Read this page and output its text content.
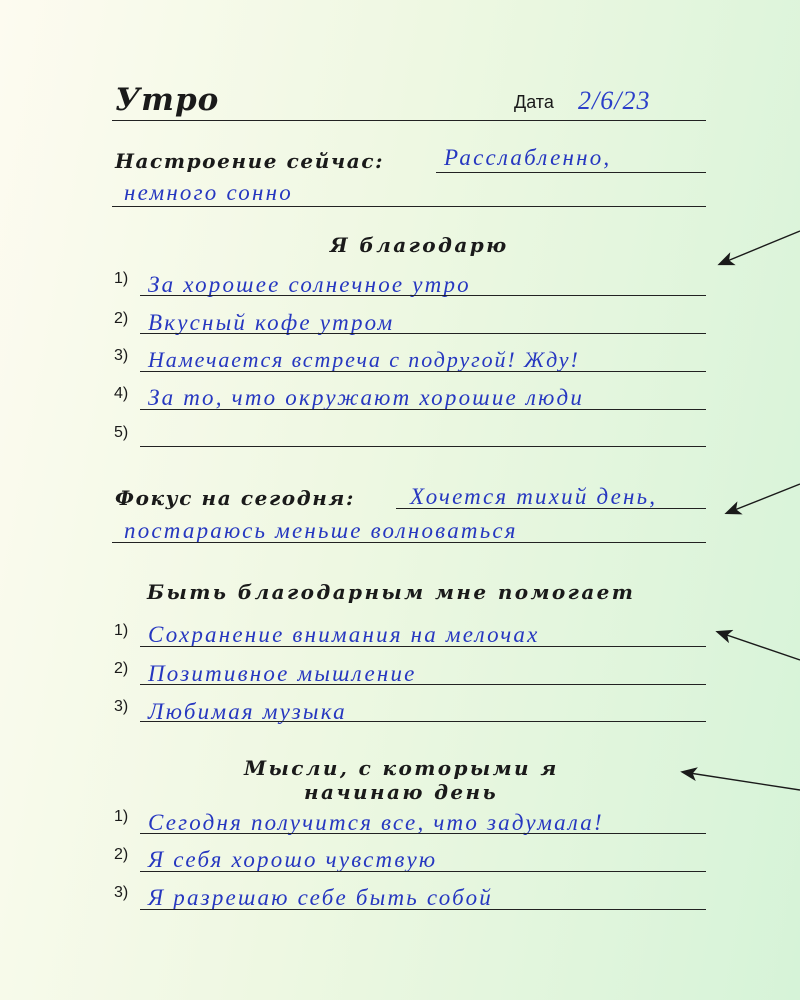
Утро	Дата 2/6/23
Настроение сейчас:	Расслабленно,
немного сонно
Я благодарю
1) За хорошее солнечное утро
2) Вкусный кофе утром
3) Намечается встреча с подругой! Жду!
4) За то, что окружают хорошие люди
5)
Фокус на сегодня: Хочется тихий день,
постараюсь меньше волноваться
Быть благодарным мне помогает
1) Сохранение внимания на мелочах
2) Позитивное мышление
3) Любимая музыка
Мысли, с которыми я
начинаю день
1) Сегодня получится все, что задумала!
2) Я себя хорошо чувствую
3) Я разрешаю себе быть собой
